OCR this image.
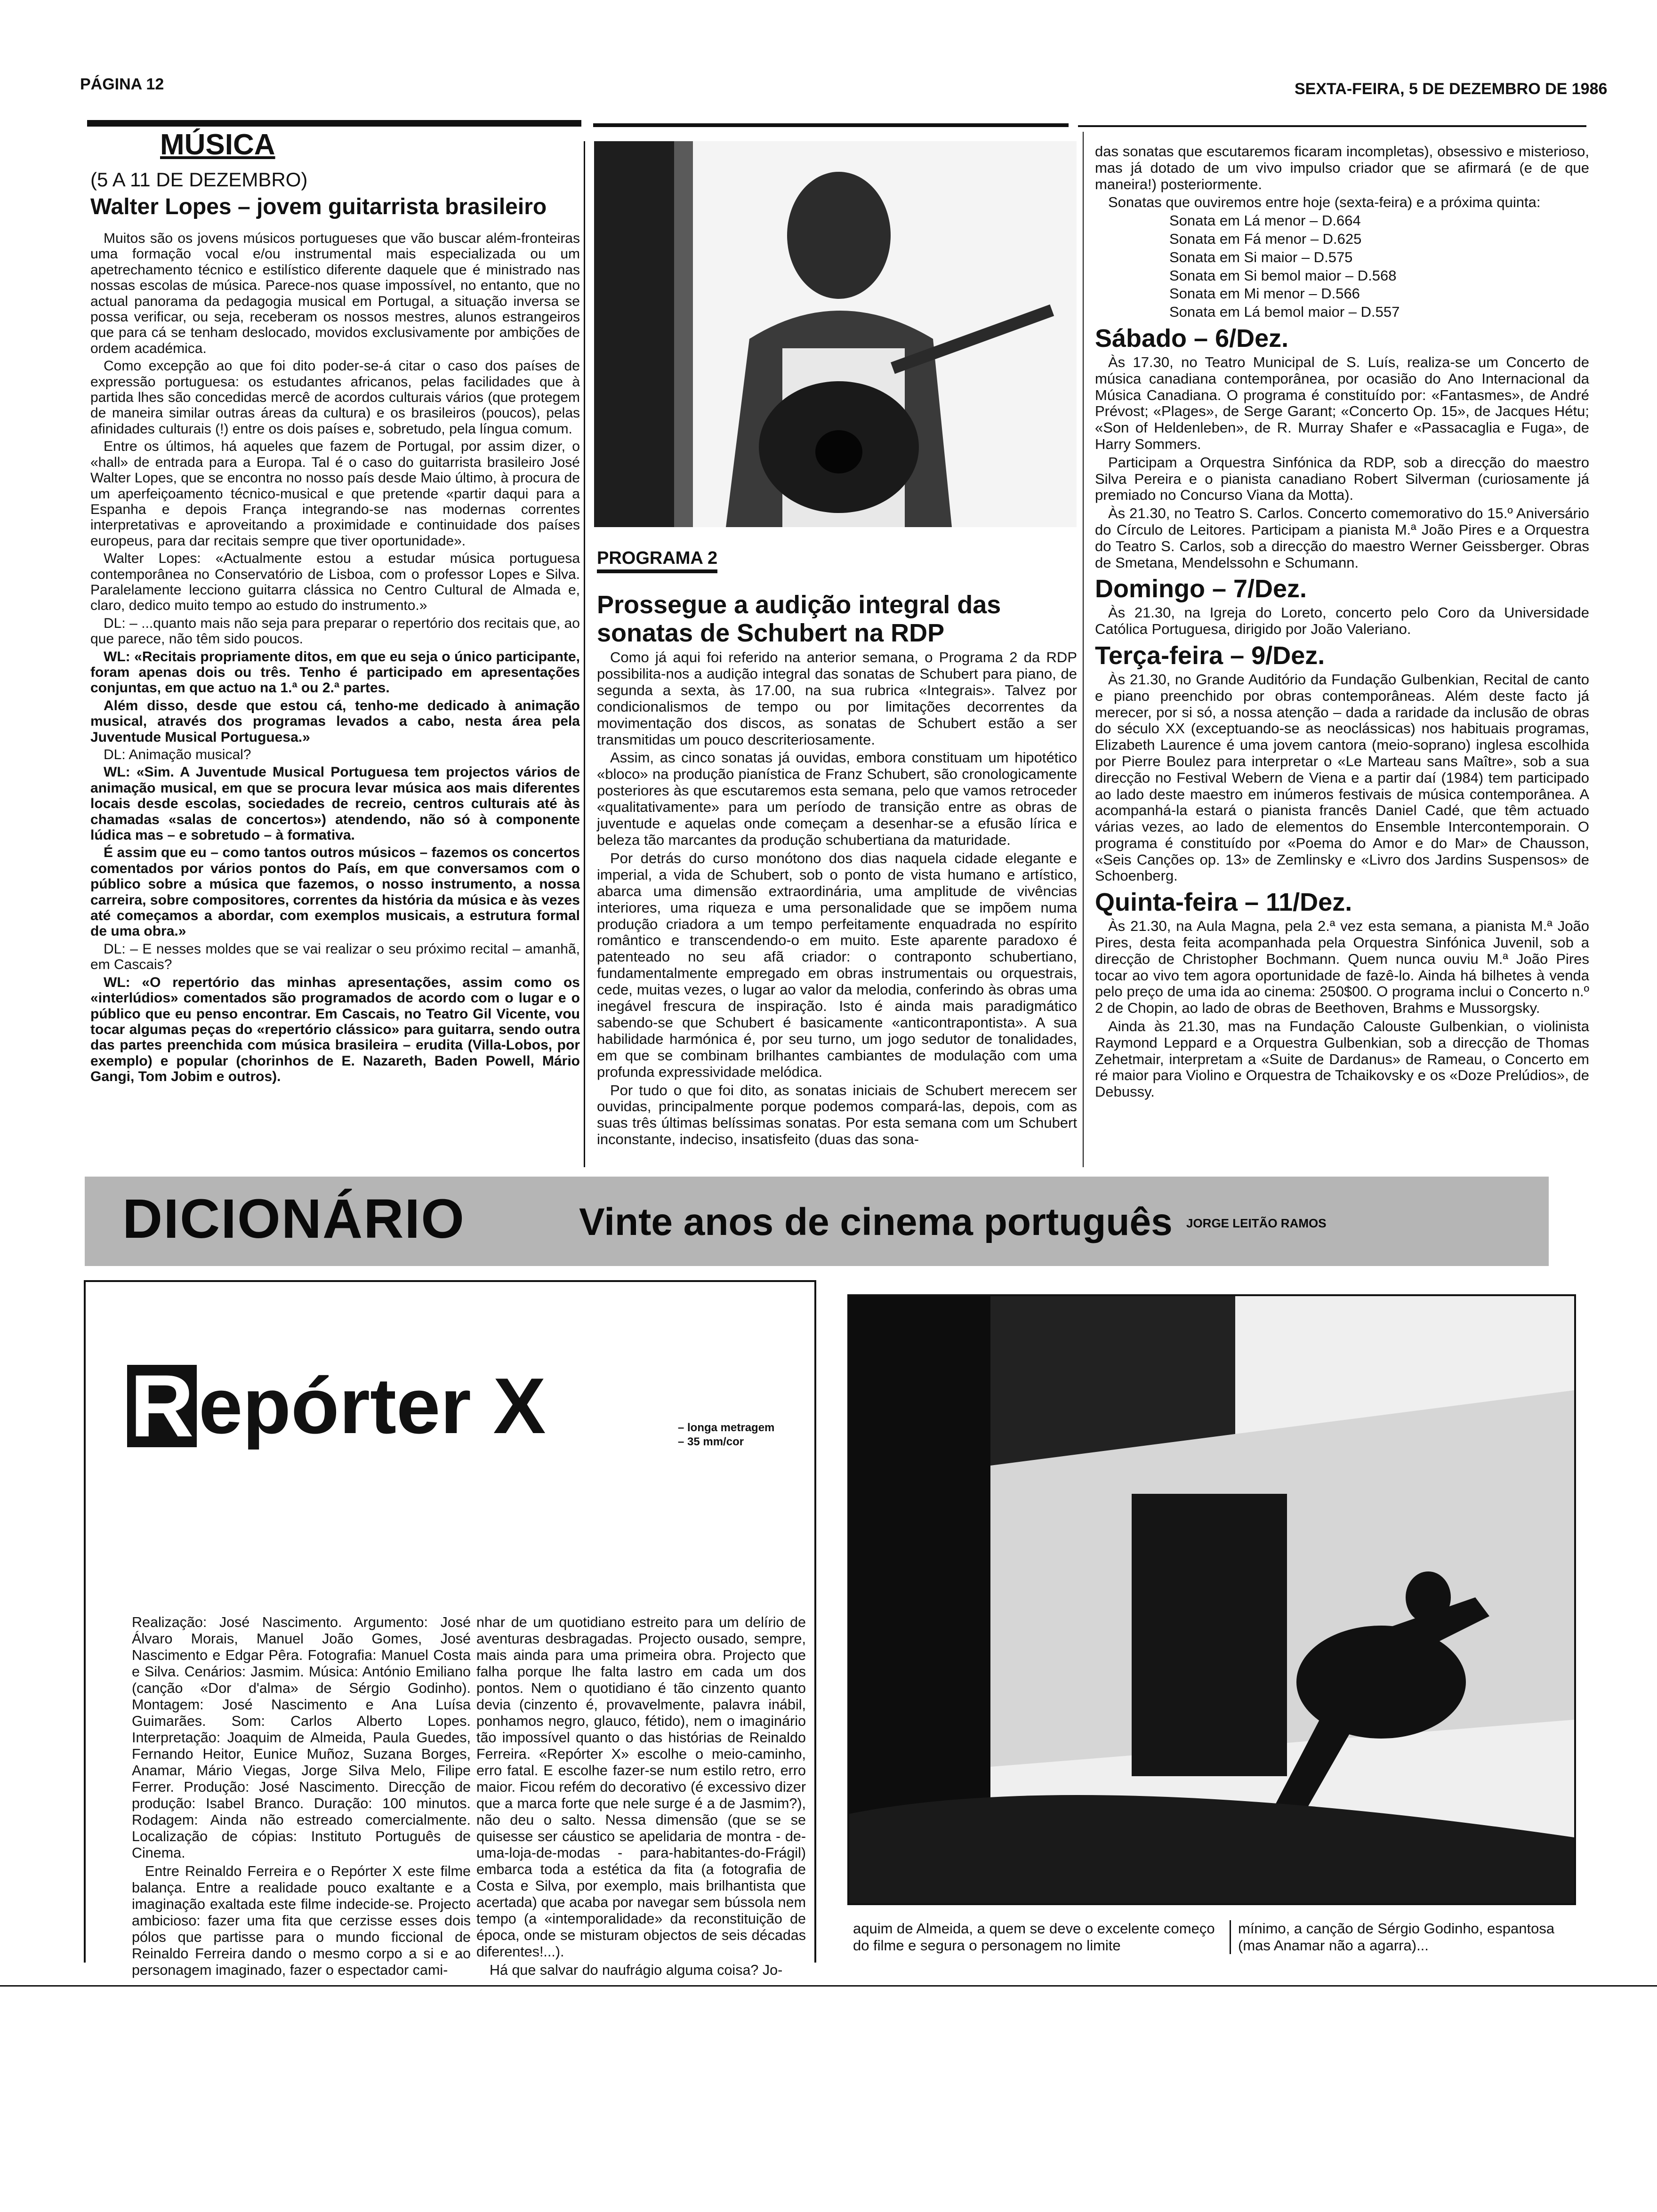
PÁGINA 12	SEXTA-FEIRA, 5 DE DEZEMBRO DE 1986
MÚSICA
(5 A 11 DE DEZEMBRO)
Walter Lopes – jovem guitarrista brasileiro

Muitos são os jovens músicos portugueses que vão buscar além-fronteiras uma formação vocal e/ou instrumental mais especializada ou um apetrechamento técnico e estilístico diferente daquele que é ministrado nas nossas escolas de música. Parece-nos quase impossível, no entanto, que no actual panorama da pedagogia musical em Portugal, a situação inversa se possa verificar, ou seja, receberam os nossos mestres, alunos estrangeiros que para cá se tenham deslocado, movidos exclusivamente por ambições de ordem académica.

Como excepção ao que foi dito poder-se-á citar o caso dos países de expressão portuguesa: os estudantes africanos, pelas facilidades que à partida lhes são concedidas mercê de acordos culturais vários (que protegem de maneira similar outras áreas da cultura) e os brasileiros (poucos), pelas afinidades culturais (!) entre os dois países e, sobretudo, pela língua comum.

Entre os últimos, há aqueles que fazem de Portugal, por assim dizer, o «hall» de entrada para a Europa. Tal é o caso do guitarrista brasileiro José Walter Lopes, que se encontra no nosso país desde Maio último, à procura de um aperfeiçoamento técnico-musical e que pretende «partir daqui para a Espanha e depois França integrando-se nas modernas correntes interpretativas e aproveitando a proximidade e continuidade dos países europeus, para dar recitais sempre que tiver oportunidade».

Walter Lopes: «Actualmente estou a estudar música portuguesa contemporânea no Conservatório de Lisboa, com o professor Lopes e Silva. Paralelamente lecciono guitarra clássica no Centro Cultural de Almada e, claro, dedico muito tempo ao estudo do instrumento.»

DL: – ...quanto mais não seja para preparar o repertório dos recitais que, ao que parece, não têm sido poucos.

WL: «Recitais propriamente ditos, em que eu seja o único participante, foram apenas dois ou três. Tenho é participado em apresentações conjuntas, em que actuo na 1.ª ou 2.ª partes.

Além disso, desde que estou cá, tenho-me dedicado à animação musical, através dos programas levados a cabo, nesta área pela Juventude Musical Portuguesa.»

DL: Animação musical?

WL: «Sim. A Juventude Musical Portuguesa tem projectos vários de animação musical, em que se procura levar música aos mais diferentes locais desde escolas, sociedades de recreio, centros culturais até às chamadas «salas de concertos») atendendo, não só à componente lúdica mas – e sobretudo – à formativa.

É assim que eu – como tantos outros músicos – fazemos os concertos comentados por vários pontos do País, em que conversamos com o público sobre a música que fazemos, o nosso instrumento, a nossa carreira, sobre compositores, correntes da história da música e às vezes até começamos a abordar, com exemplos musicais, a estrutura formal de uma obra.»

DL: – E nesses moldes que se vai realizar o seu próximo recital – amanhã, em Cascais?

WL: «O repertório das minhas apresentações, assim como os «interlúdios» comentados são programados de acordo com o lugar e o público que eu penso encontrar. Em Cascais, no Teatro Gil Vicente, vou tocar algumas peças do «repertório clássico» para guitarra, sendo outra das partes preenchida com música brasileira – erudita (Villa-Lobos, por exemplo) e popular (chorinhos de E. Nazareth, Baden Powell, Mário Gangi, Tom Jobim e outros).

PROGRAMA 2
Prossegue a audição integral das sonatas de Schubert na RDP

Como já aqui foi referido na anterior semana, o Programa 2 da RDP possibilita-nos a audição integral das sonatas de Schubert para piano, de segunda a sexta, às 17.00, na sua rubrica «Integrais». Talvez por condicionalismos de tempo ou por limitações decorrentes da movimentação dos discos, as sonatas de Schubert estão a ser transmitidas um pouco descriteriosamente.

Assim, as cinco sonatas já ouvidas, embora constituam um hipotético «bloco» na produção pianística de Franz Schubert, são cronologicamente posteriores às que escutaremos esta semana, pelo que vamos retroceder «qualitativamente» para um período de transição entre as obras de juventude e aquelas onde começam a desenhar-se a efusão lírica e beleza tão marcantes da produção schubertiana da maturidade.

Por detrás do curso monótono dos dias naquela cidade elegante e imperial, a vida de Schubert, sob o ponto de vista humano e artístico, abarca uma dimensão extraordinária, uma amplitude de vivências interiores, uma riqueza e uma personalidade que se impõem numa produção criadora a um tempo perfeitamente enquadrada no espírito romântico e transcendendo-o em muito. Este aparente paradoxo é patenteado no seu afã criador: o contraponto schubertiano, fundamentalmente empregado em obras instrumentais ou orquestrais, cede, muitas vezes, o lugar ao valor da melodia, conferindo às obras uma inegável frescura de inspiração. Isto é ainda mais paradigmático sabendo-se que Schubert é basicamente «anticontrapontista». A sua habilidade harmónica é, por seu turno, um jogo sedutor de tonalidades, em que se combinam brilhantes cambiantes de modulação com uma profunda expressividade melódica.

Por tudo o que foi dito, as sonatas iniciais de Schubert merecem ser ouvidas, principalmente porque podemos compará-las, depois, com as suas três últimas belíssimas sonatas. Por esta semana com um Schubert inconstante, indeciso, insatisfeito (duas das sona-

das sonatas que escutaremos ficaram incompletas), obsessivo e misterioso, mas já dotado de um vivo impulso criador que se afirmará (e de que maneira!) posteriormente.

Sonatas que ouviremos entre hoje (sexta-feira) e a próxima quinta:

Sonata em Lá menor – D.664

Sonata em Fá menor – D.625

Sonata em Si maior – D.575

Sonata em Si bemol maior – D.568

Sonata em Mi menor – D.566

Sonata em Lá bemol maior – D.557

Sábado – 6/Dez.

Às 17.30, no Teatro Municipal de S. Luís, realiza-se um Concerto de música canadiana contemporânea, por ocasião do Ano Internacional da Música Canadiana. O programa é constituído por: «Fantasmes», de André Prévost; «Plages», de Serge Garant; «Concerto Op. 15», de Jacques Hétu; «Son of Heldenleben», de R. Murray Shafer e «Passacaglia e Fuga», de Harry Sommers.

Participam a Orquestra Sinfónica da RDP, sob a direcção do maestro Silva Pereira e o pianista canadiano Robert Silverman (curiosamente já premiado no Concurso Viana da Motta).

Às 21.30, no Teatro S. Carlos. Concerto comemorativo do 15.º Aniversário do Círculo de Leitores. Participam a pianista M.ª João Pires e a Orquestra do Teatro S. Carlos, sob a direcção do maestro Werner Geissberger. Obras de Smetana, Mendelssohn e Schumann.

Domingo – 7/Dez.

Às 21.30, na Igreja do Loreto, concerto pelo Coro da Universidade Católica Portuguesa, dirigido por João Valeriano.

Terça-feira – 9/Dez.

Às 21.30, no Grande Auditório da Fundação Gulbenkian, Recital de canto e piano preenchido por obras contemporâneas. Além deste facto já merecer, por si só, a nossa atenção – dada a raridade da inclusão de obras do século XX (exceptuando-se as neoclássicas) nos habituais programas, Elizabeth Laurence é uma jovem cantora (meio-soprano) inglesa escolhida por Pierre Boulez para interpretar o «Le Marteau sans Maître», sob a sua direcção no Festival Webern de Viena e a partir daí (1984) tem participado ao lado deste maestro em inúmeros festivais de música contemporânea. A acompanhá-la estará o pianista francês Daniel Cadé, que têm actuado várias vezes, ao lado de elementos do Ensemble Intercontemporain. O programa é constituído por «Poema do Amor e do Mar» de Chausson, «Seis Canções op. 13» de Zemlinsky e «Livro dos Jardins Suspensos» de Schoenberg.

Quinta-feira – 11/Dez.

Às 21.30, na Aula Magna, pela 2.ª vez esta semana, a pianista M.ª João Pires, desta feita acompanhada pela Orquestra Sinfónica Juvenil, sob a direcção de Christopher Bochmann. Quem nunca ouviu M.ª João Pires tocar ao vivo tem agora oportunidade de fazê-lo. Ainda há bilhetes à venda pelo preço de uma ida ao cinema: 250$00. O programa inclui o Concerto n.º 2 de Chopin, ao lado de obras de Beethoven, Brahms e Mussorgsky.

Ainda às 21.30, mas na Fundação Calouste Gulbenkian, o violinista Raymond Leppard e a Orquestra Gulbenkian, sob a direcção de Thomas Zehetmair, interpretam a «Suite de Dardanus» de Rameau, o Concerto em ré maior para Violino e Orquestra de Tchaikovsky e os «Doze Prelúdios», de Debussy.

DICIONÁRIO	Vinte anos de cinema português JORGE LEITÃO RAMOS
R epórter X	– longa metragem
– 35 mm/cor

Realização: José Nascimento. Argumento: José Álvaro Morais, Manuel João Gomes, José Nascimento e Edgar Pêra. Fotografia: Manuel Costa e Silva. Cenários: Jasmim. Música: António Emiliano (canção «Dor d'alma» de Sérgio Godinho). Montagem: José Nascimento e Ana Luísa Guimarães. Som: Carlos Alberto Lopes. Interpretação: Joaquim de Almeida, Paula Guedes, Fernando Heitor, Eunice Muñoz, Suzana Borges, Anamar, Mário Viegas, Jorge Silva Melo, Filipe Ferrer. Produção: José Nascimento. Direcção de produção: Isabel Branco. Duração: 100 minutos. Rodagem: Ainda não estreado comercialmente. Localização de cópias: Instituto Português de Cinema.

Entre Reinaldo Ferreira e o Repórter X este filme balança. Entre a realidade pouco exaltante e a imaginação exaltada este filme indecide-se. Projecto ambicioso: fazer uma fita que cerzisse esses dois pólos que partisse para o mundo ficcional de Reinaldo Ferreira dando o mesmo corpo a si e ao personagem imaginado, fazer o espectador cami-

nhar de um quotidiano estreito para um delírio de aventuras desbragadas. Projecto ousado, sempre, mais ainda para uma primeira obra. Projecto que falha porque lhe falta lastro em cada um dos pontos. Nem o quotidiano é tão cinzento quanto devia (cinzento é, provavelmente, palavra inábil, ponhamos negro, glauco, fétido), nem o imaginário tão impossível quanto o das histórias de Reinaldo Ferreira. «Repórter X» escolhe o meio-caminho, erro fatal. E escolhe fazer-se num estilo retro, erro maior. Ficou refém do decorativo (é excessivo dizer que a marca forte que nele surge é a de Jasmim?), não deu o salto. Nessa dimensão (que se se quisesse ser cáustico se apelidaria de montra - de-uma-loja-de-modas - para-habitantes-do-Frágil) embarca toda a estética da fita (a fotografia de Costa e Silva, por exemplo, mais brilhantista que acertada) que acaba por navegar sem bússola nem tempo (a «intemporalidade» da reconstituição de época, onde se misturam objectos de seis décadas diferentes!...).

Há que salvar do naufrágio alguma coisa? Jo-

aquim de Almeida, a quem se deve o excelente começo do filme e segura o personagem no limite
mínimo, a canção de Sérgio Godinho, espantosa (mas Anamar não a agarra)...
